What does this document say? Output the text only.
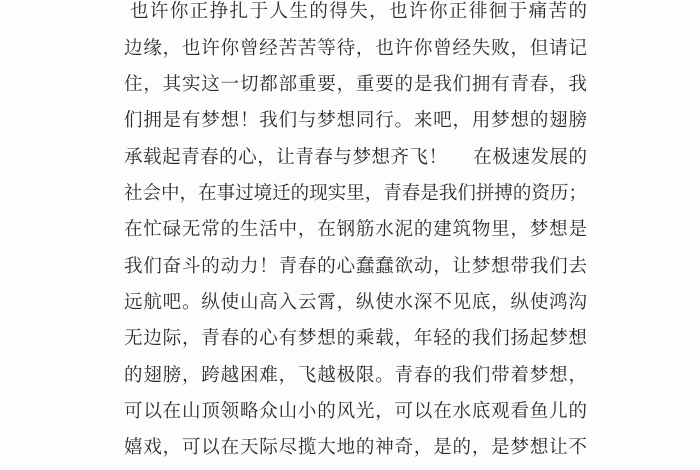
也许你正挣扎于人生的得失，也许你正徘徊于痛苦的
边缘，也许你曾经苦苦等待，也许你曾经失败，但请记
住，其实这一切都部重要，重要的是我们拥有青春，我
们拥是有梦想！我们与梦想同行。来吧，用梦想的翅膀
承载起青春的心，让青春与梦想齐飞！    在极速发展的
社会中，在事过境迁的现实里，青春是我们拼搏的资历；
在忙碌无常的生活中，在钢筋水泥的建筑物里，梦想是
我们奋斗的动力！青春的心蠢蠢欲动，让梦想带我们去
远航吧。纵使山高入云霄，纵使水深不见底，纵使鸿沟
无边际，青春的心有梦想的乘载，年轻的我们扬起梦想
的翅膀，跨越困难，飞越极限。青春的我们带着梦想，
可以在山顶领略众山小的风光，可以在水底观看鱼儿的
嬉戏，可以在天际尽揽大地的神奇，是的，是梦想让不
